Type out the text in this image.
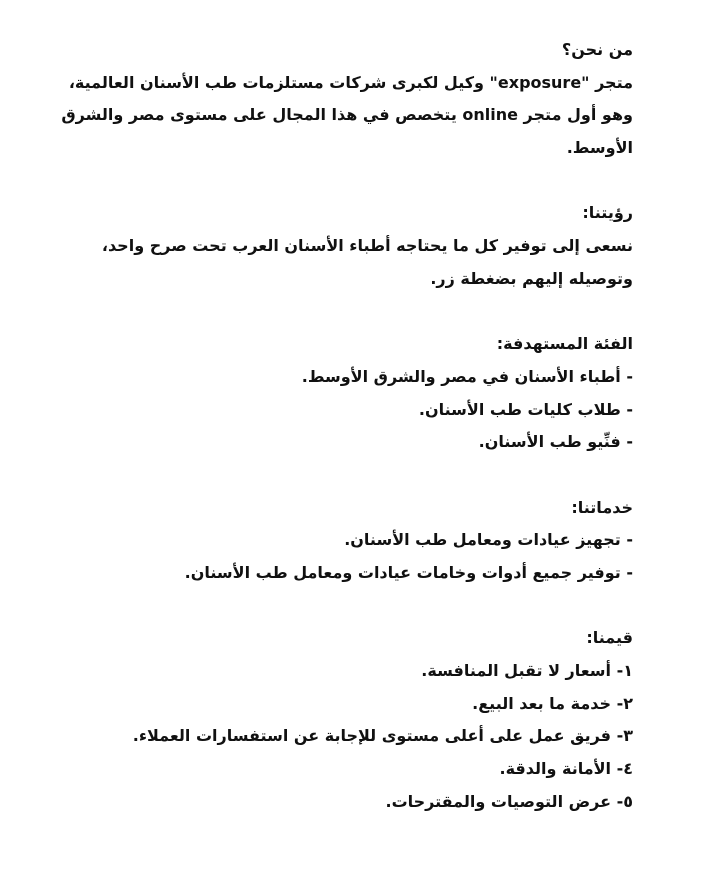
من نحن؟
متجر "exposure" وكيل لكبرى شركات مستلزمات طب الأسنان العالمية،
وهو أول متجر online يتخصص في هذا المجال على مستوى مصر والشرق
الأوسط.
رؤيتنا:
نسعى إلى توفير كل ما يحتاجه أطباء الأسنان العرب تحت صرح واحد،
وتوصيله إليهم بضغطة زر.
الفئة المستهدفة:
- أطباء الأسنان في مصر والشرق الأوسط.
- طلاب كليات طب الأسنان.
- فنِّيو طب الأسنان.
خدماتنا:
- تجهيز عيادات ومعامل طب الأسنان.
- توفير جميع أدوات وخامات عيادات ومعامل طب الأسنان.
قيمنا:
١- أسعار لا تقبل المنافسة.
٢- خدمة ما بعد البيع.
٣- فريق عمل على أعلى مستوى للإجابة عن استفسارات العملاء.
٤- الأمانة والدقة.
٥- عرض التوصيات والمقترحات.
